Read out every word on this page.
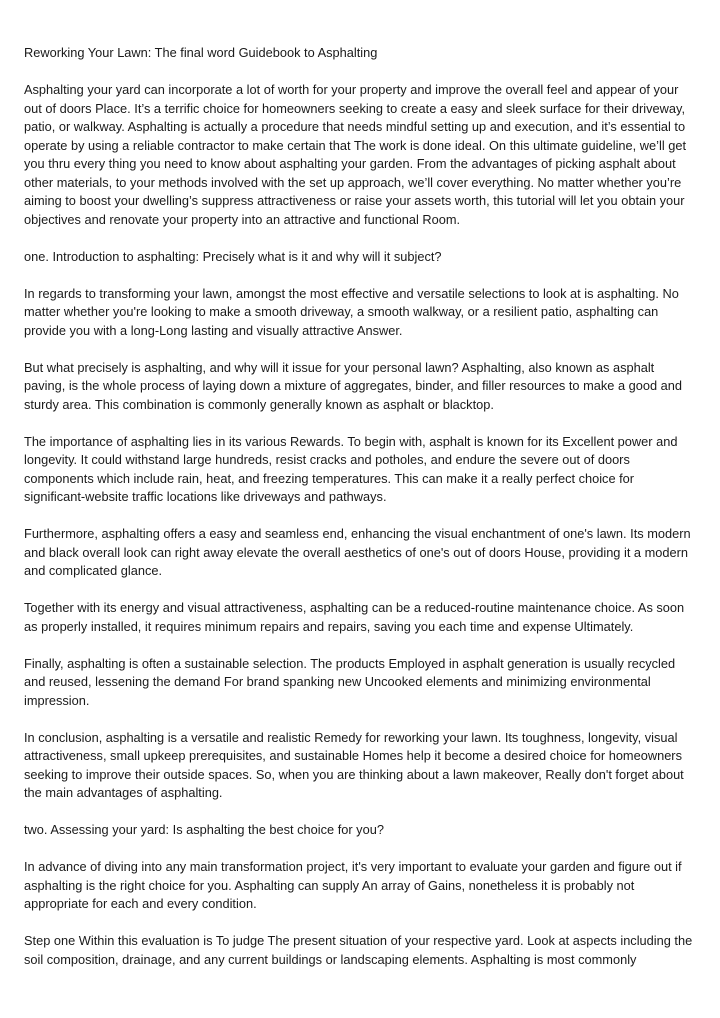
Reworking Your Lawn: The final word Guidebook to Asphalting

Asphalting your yard can incorporate a lot of worth for your property and improve the overall feel and appear of your out of doors Place. It’s a terrific choice for homeowners seeking to create a easy and sleek surface for their driveway, patio, or walkway. Asphalting is actually a procedure that needs mindful setting up and execution, and it’s essential to operate by using a reliable contractor to make certain that The work is done ideal. On this ultimate guideline, we’ll get you thru every thing you need to know about asphalting your garden. From the advantages of picking asphalt about other materials, to your methods involved with the set up approach, we’ll cover everything. No matter whether you’re aiming to boost your dwelling’s suppress attractiveness or raise your assets worth, this tutorial will let you obtain your objectives and renovate your property into an attractive and functional Room.

one. Introduction to asphalting: Precisely what is it and why will it subject?

In regards to transforming your lawn, amongst the most effective and versatile selections to look at is asphalting. No matter whether you're looking to make a smooth driveway, a smooth walkway, or a resilient patio, asphalting can provide you with a long-Long lasting and visually attractive Answer.

But what precisely is asphalting, and why will it issue for your personal lawn? Asphalting, also known as asphalt paving, is the whole process of laying down a mixture of aggregates, binder, and filler resources to make a good and sturdy area. This combination is commonly generally known as asphalt or blacktop.

The importance of asphalting lies in its various Rewards. To begin with, asphalt is known for its Excellent power and longevity. It could withstand large hundreds, resist cracks and potholes, and endure the severe out of doors components which include rain, heat, and freezing temperatures. This can make it a really perfect choice for significant-website traffic locations like driveways and pathways.

Furthermore, asphalting offers a easy and seamless end, enhancing the visual enchantment of one's lawn. Its modern and black overall look can right away elevate the overall aesthetics of one's out of doors House, providing it a modern and complicated glance.

Together with its energy and visual attractiveness, asphalting can be a reduced-routine maintenance choice. As soon as properly installed, it requires minimum repairs and repairs, saving you each time and expense Ultimately.

Finally, asphalting is often a sustainable selection. The products Employed in asphalt generation is usually recycled and reused, lessening the demand For brand spanking new Uncooked elements and minimizing environmental impression.

In conclusion, asphalting is a versatile and realistic Remedy for reworking your lawn. Its toughness, longevity, visual attractiveness, small upkeep prerequisites, and sustainable Homes help it become a desired choice for homeowners seeking to improve their outside spaces. So, when you are thinking about a lawn makeover, Really don't forget about the main advantages of asphalting.

two. Assessing your yard: Is asphalting the best choice for you?

In advance of diving into any main transformation project, it's very important to evaluate your garden and figure out if asphalting is the right choice for you. Asphalting can supply An array of Gains, nonetheless it is probably not appropriate for each and every condition.

Step one Within this evaluation is To judge The present situation of your respective yard. Look at aspects including the soil composition, drainage, and any current buildings or landscaping elements. Asphalting is most commonly
